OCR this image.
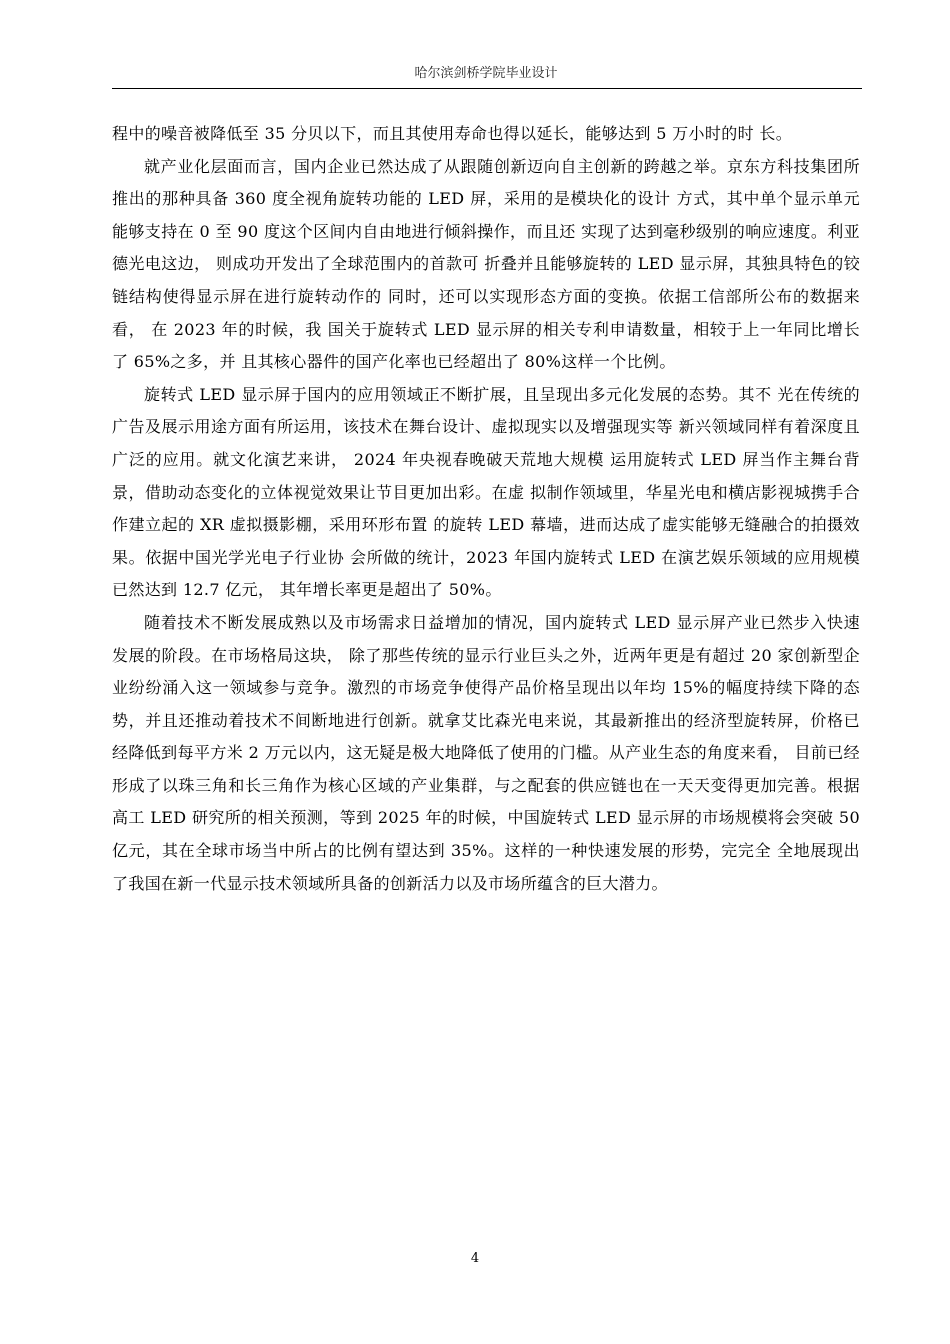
哈尔滨剑桥学院毕业设计

程中的噪音被降低至 35 分贝以下，而且其使用寿命也得以延长，能够达到 5 万小时的时 长。

就产业化层面而言，国内企业已然达成了从跟随创新迈向自主创新的跨越之举。京东方科技集团所推出的那种具备 360 度全视角旋转功能的 LED 屏，采用的是模块化的设计 方式，其中单个显示单元能够支持在 0 至 90 度这个区间内自由地进行倾斜操作，而且还 实现了达到毫秒级别的响应速度。利亚德光电这边， 则成功开发出了全球范围内的首款可 折叠并且能够旋转的 LED 显示屏，其独具特色的铰链结构使得显示屏在进行旋转动作的 同时，还可以实现形态方面的变换。依据工信部所公布的数据来看， 在 2023 年的时候，我 国关于旋转式 LED 显示屏的相关专利申请数量，相较于上一年同比增长了 65%之多，并 且其核心器件的国产化率也已经超出了 80%这样一个比例。

旋转式 LED 显示屏于国内的应用领域正不断扩展，且呈现出多元化发展的态势。其不 光在传统的广告及展示用途方面有所运用，该技术在舞台设计、虚拟现实以及增强现实等 新兴领域同样有着深度且广泛的应用。就文化演艺来讲， 2024 年央视春晚破天荒地大规模 运用旋转式 LED 屏当作主舞台背景，借助动态变化的立体视觉效果让节目更加出彩。在虚 拟制作领域里，华星光电和横店影视城携手合作建立起的 XR 虚拟摄影棚，采用环形布置 的旋转 LED 幕墙，进而达成了虚实能够无缝融合的拍摄效果。依据中国光学光电子行业协 会所做的统计，2023 年国内旋转式 LED 在演艺娱乐领域的应用规模已然达到 12.7 亿元， 其年增长率更是超出了 50%。

随着技术不断发展成熟以及市场需求日益增加的情况，国内旋转式 LED 显示屏产业已然步入快速发展的阶段。在市场格局这块， 除了那些传统的显示行业巨头之外，近两年更是有超过 20 家创新型企业纷纷涌入这一领域参与竞争。激烈的市场竞争使得产品价格呈现出以年均 15%的幅度持续下降的态势，并且还推动着技术不间断地进行创新。就拿艾比森光电来说，其最新推出的经济型旋转屏，价格已经降低到每平方米 2 万元以内，这无疑是极大地降低了使用的门槛。从产业生态的角度来看， 目前已经形成了以珠三角和长三角作为核心区域的产业集群，与之配套的供应链也在一天天变得更加完善。根据高工 LED 研究所的相关预测，等到 2025 年的时候，中国旋转式 LED 显示屏的市场规模将会突破 50 亿元，其在全球市场当中所占的比例有望达到 35%。这样的一种快速发展的形势，完完全 全地展现出了我国在新一代显示技术领域所具备的创新活力以及市场所蕴含的巨大潜力。

4
